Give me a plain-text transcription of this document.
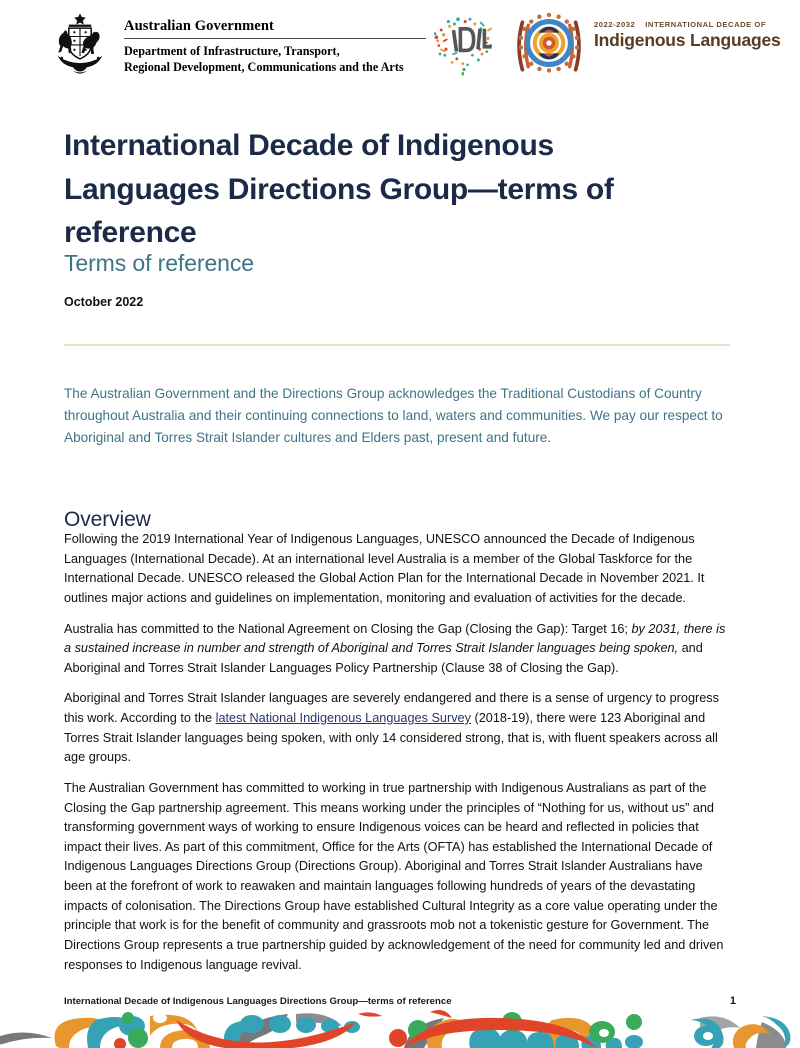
Australian Government
Department of Infrastructure, Transport,
Regional Development, Communications and the Arts
2022-2032 INTERNATIONAL DECADE OF
Indigenous Languages
International Decade of Indigenous Languages Directions Group—terms of reference
Terms of reference
October 2022
The Australian Government and the Directions Group acknowledges the Traditional Custodians of Country throughout Australia and their continuing connections to land, waters and communities. We pay our respect to Aboriginal and Torres Strait Islander cultures and Elders past, present and future.
Overview

Following the 2019 International Year of Indigenous Languages, UNESCO announced the Decade of Indigenous Languages (International Decade). At an international level Australia is a member of the Global Taskforce for the International Decade. UNESCO released the Global Action Plan for the International Decade in November 2021. It outlines major actions and guidelines on implementation, monitoring and evaluation of activities for the decade.

Australia has committed to the National Agreement on Closing the Gap (Closing the Gap): Target 16; by 2031, there is a sustained increase in number and strength of Aboriginal and Torres Strait Islander languages being spoken, and Aboriginal and Torres Strait Islander Languages Policy Partnership (Clause 38 of Closing the Gap).

Aboriginal and Torres Strait Islander languages are severely endangered and there is a sense of urgency to progress this work. According to the latest National Indigenous Languages Survey (2018-19), there were 123 Aboriginal and Torres Strait Islander languages being spoken, with only 14 considered strong, that is, with fluent speakers across all age groups.

The Australian Government has committed to working in true partnership with Indigenous Australians as part of the Closing the Gap partnership agreement. This means working under the principles of “Nothing for us, without us” and transforming government ways of working to ensure Indigenous voices can be heard and reflected in policies that impact their lives. As part of this commitment, Office for the Arts (OFTA) has established the International Decade of Indigenous Languages Directions Group (Directions Group). Aboriginal and Torres Strait Islander Australians have been at the forefront of work to reawaken and maintain languages following hundreds of years of the devastating impacts of colonisation. The Directions Group have established Cultural Integrity as a core value operating under the principle that work is for the benefit of community and grassroots mob not a tokenistic gesture for Government. The Directions Group represents a true partnership guided by acknowledgement of the need for community led and driven responses to Indigenous language revival.

International Decade of Indigenous Languages Directions Group—terms of reference	1
